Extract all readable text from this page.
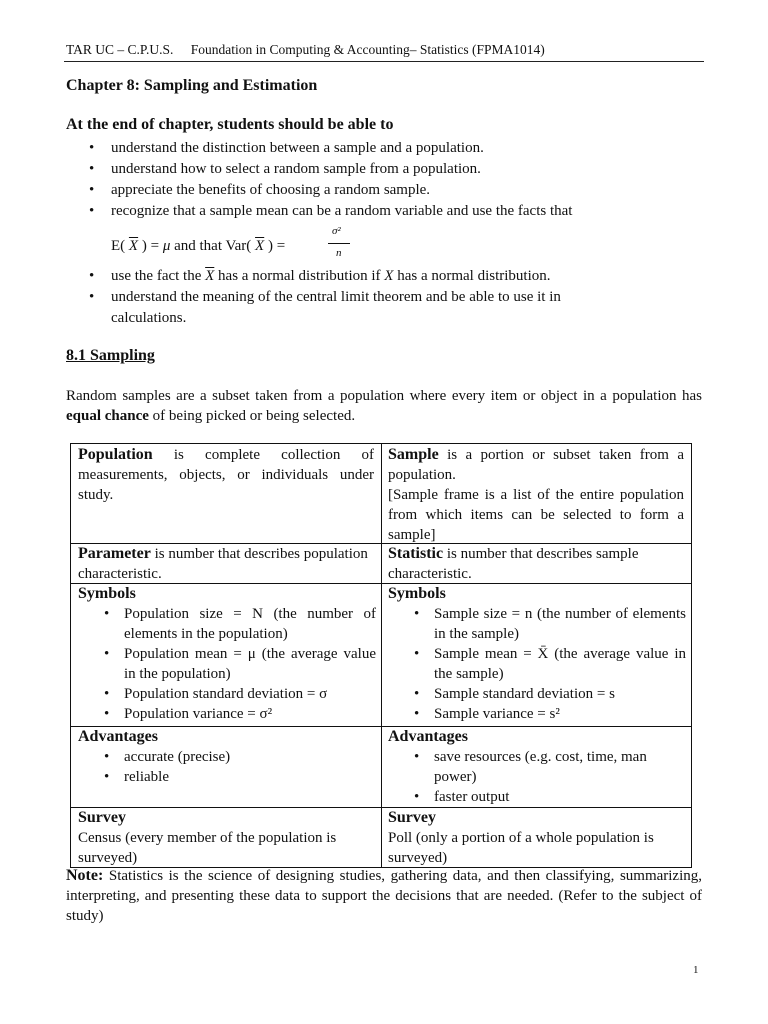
TAR UC – C.P.U.S. Foundation in Computing & Accounting– Statistics (FPMA1014)
Chapter 8: Sampling and Estimation
At the end of chapter, students should be able to
• understand the distinction between a sample and a population.
• understand how to select a random sample from a population.
• appreciate the benefits of choosing a random sample.
• recognize that a sample mean can be a random variable and use the facts that
E( $\overline{X}$ ) = μ and that Var( $\overline{X}$ ) =
σ²
n
• use the fact the $\overline{X}$ has a normal distribution if X has a normal distribution.
• understand the meaning of the central limit theorem and be able to use it in
calculations.
8.1 Sampling
Random samples are a subset taken from a population where every item or object in a population has equal chance of being picked or being selected.
Population is complete collection of measurements, objects, or individuals under study.
Sample is a portion or subset taken from a population.
[Sample frame is a list of the entire population from which items can be selected to form a sample]
Parameter is number that describes population characteristic.
Statistic is number that describes sample characteristic.
Symbols
• Population size = N (the number of elements in the population)
• Population mean = μ (the average value in the population)
• Population standard deviation = σ
• Population variance = σ²
Symbols
• Sample size = n (the number of elements in the sample)
• Sample mean = X̄ (the average value in the sample)
• Sample standard deviation = s
• Sample variance = s²
Advantages
• accurate (precise)
• reliable
Advantages
• save resources (e.g. cost, time, man power)
• faster output
Survey
Census (every member of the population is surveyed)
Survey
Poll (only a portion of a whole population is surveyed)
Note: Statistics is the science of designing studies, gathering data, and then classifying, summarizing, interpreting, and presenting these data to support the decisions that are needed. (Refer to the subject of study)
1
